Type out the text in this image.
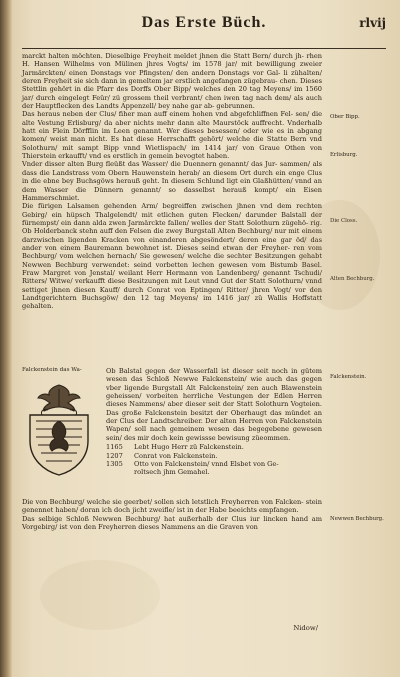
Das Erste Büch.	rlvij

marckt halten möchten. Dieselbige Freyheit meldet jhnen die Statt Bern/ durch jh- rhen H. Hansen Wilhelms von Mülinen jhres Vogts/ im 1578 jar/ mit bewilligung zweier Jarmärckten/ einen Donstags vor Pfingsten/ den andern Donstags vor Gal- li zühalten/ deren Freyheit sie sich dann in gemeltem jar erstlich angefangen zügebrau- chen. Dieses Stettlin gehört in die Pfarr des Dorffs Ober Bipp/ welches den 20 tag Meyens/ im 1560 jar/ durch eingelegt Feür/ zü grossem theil verbrant/ chen iwen tag nach dem/ als auch der Hauptflecken des Landts Appenzell/ bey nahe gar ab- gebrunnen.

Das heraus neben der Clus/ fiher man auff einem hohen vnd abgefchliffnen Fel- sen/ die alte Vestung Erlisburg/ da aber nichts mehr dann alte Maurstöck auffrecht. Vnderhalb hatt ein Flein Dörfflin im Leen genannt. Wer dieses besessen/ oder wie es in abgang komen/ weist man nicht. Es hat diese Herrschafft gehört/ welche die Statte Bern vnd Solothurn/ mit sampt Bipp vnnd Wietlispach/ im 1414 jar/ von Graue Othen von Thierstein erkaufft/ vnd es erstlich in gemein bevogtet haben.

Vnder disser alten Burg fleüßt das Wasser/ die Duennern genannt/ das Jur- sammen/ als dass die Landstrass vom Obern Hauwenstein herab/ an diesem Ort durch ein enge Clus in die ebne bey Buchsgöws herauß geht. In diesem Schlund ligt ein Glaßhütten/ vnnd an dem Wasser die Dünnern genannt/ so dasselbst herauß kompt/ ein Eisen Hammerschmiet.

Die fürigen Lalsamen gehenden Arm/ begreiffen zwischen jhnen vnd dem rechten Gebirg/ ein hüpsch Thalgelendt/ mit etlichen guten Flecken/ darunder Balstall der fürnempst/ ein dann alda zwen Jarmärckte fallen/ welles der Statt Solothurn zügehö- rig. Ob Holderbanck stehn auff den Felsen die zwey Burgstall Alten Bechburg/ nur mit einem darzwischen ligenden Kracken von einanderen abgesöndert/ deren eine gar öd/ das ander von einem Bauremann bewohnet ist. Dieses seind etwan der Freyher- ren vom Bechburg/ vom welchen hernach/ Sie gewesen/ welche die sechter Besitzungen gehabt Newwen Bechburg verwendet: seind vorbetten lechen gewesen vom Bistumb Basel. Fraw Margret von Jenstal/ weilant Herr Hermann von Landenberg/ genannt Tschudi/ Ritters/ Witwe/ verkaufft diese Besitzungen mit Leut vnnd Gut der Statt Solothurn/ vnnd settiget jhnen diesen Kauff/ durch Conrat von Eptingen/ Ritter/ jhren Vogt/ vor den Landtgerichtern Buchsgöw/ den 12 tag Meyens/ im 1416 jar/ zü Wallis Hoffstatt gehalten.

Ober Bipp.
Erlisburg.
Die Closs.
Alten Bechburg.
Falckenstein.
Newwen Bechburg.
Falckenstein das Wa-	Ob Balstal gegen der Wasserfall ist dieser seit noch in gütem wesen das Schloß Newwe Falckenstein/ wie auch das gegen vber ligende Burgstall Alt Falckenstein/ zen auch Blawenstein geheissen/ vorbeiten herrliche Vestungen der Edlen Herren dieses Nammens/ aber dieser seit der Statt Solothurn Vogteien. Das große Falckenstein besitzt der Oberhaugt das mündet an der Clus der Landtschreiber. Der alten Herren von Falckenstein Wapen/ soll nach gemeinem wesen das begegebene gewesen sein/ des mir doch kein gewissse bewisung züeommen.

1165	Lebt Hugo Herr zü Falckenstein.
1207	Conrat von Falckenstein.
1305	Otto von Falckenstein/ vnnd Elsbet von Ge-
roltsech jhm Gemahel.

Die von Bechburg/ welche sie geerbet/ sollen sich letstlich Freyherren von Falcken- stein genennet haben/ doran ich doch jicht zweifle/ ist in der Habe beeichts empfangen.

Das selbige Schloß Newwen Bechburg/ hat außerhalb der Clus iur lincken hand am Vorgebirg/ ist von den Freyherren dieses Nammens an die Graven von

Nidow/
